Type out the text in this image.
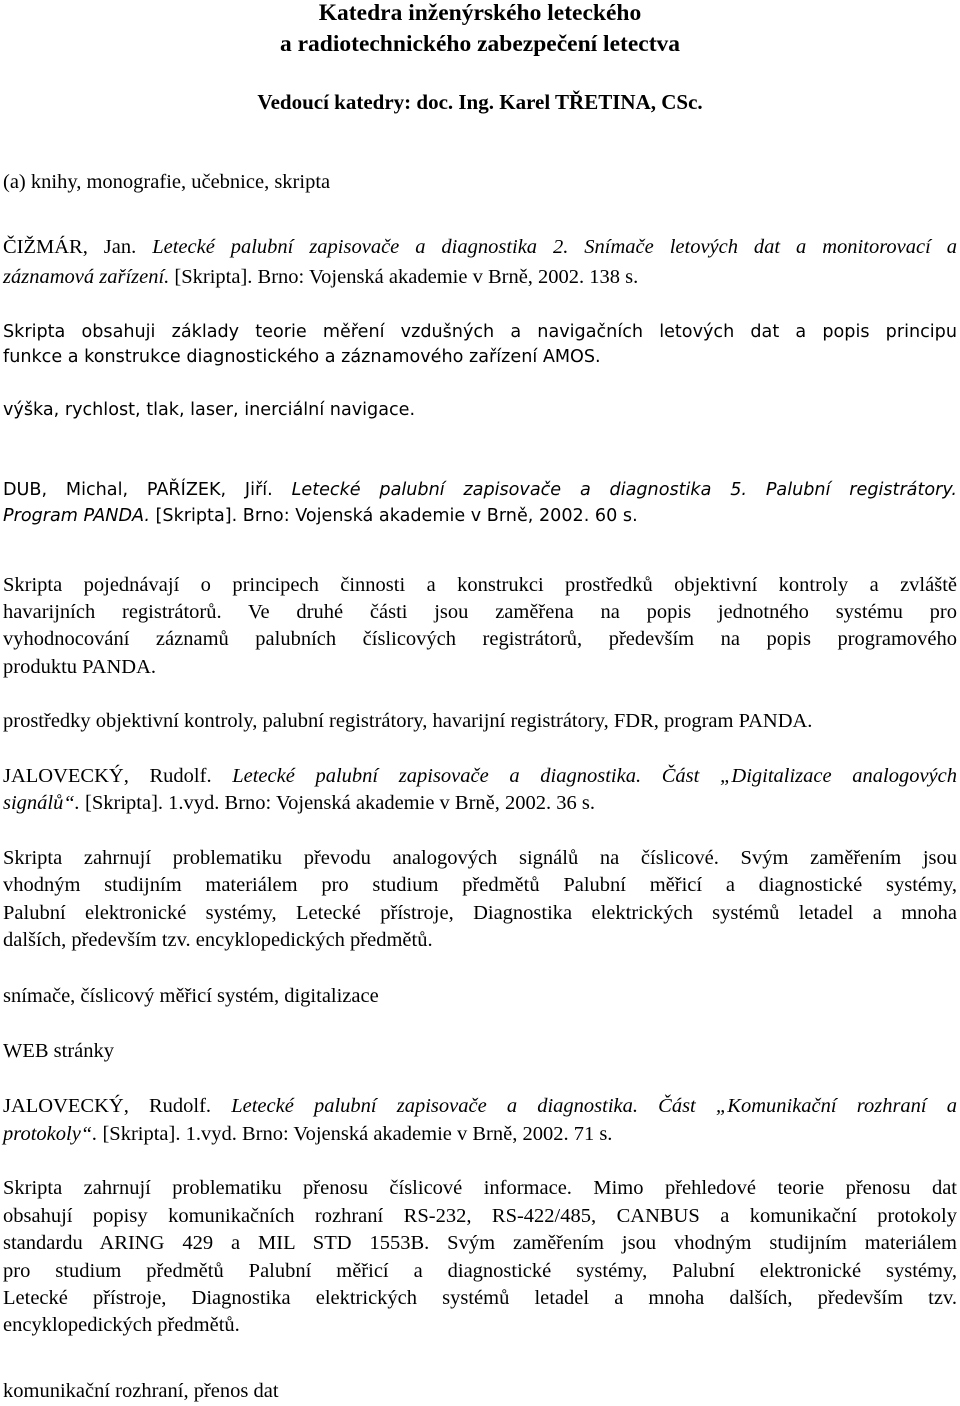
Katedra inženýrského leteckého
a radiotechnického zabezpečení letectva
Vedoucí katedry: doc. Ing. Karel TŘETINA, CSc.
(a) knihy, monografie, učebnice, skripta
ČIŽMÁR, Jan. Letecké palubní zapisovače a diagnostika 2. Snímače letových dat a monitorovací a
záznamová zařízení. [Skripta]. Brno: Vojenská akademie v Brně, 2002. 138 s.
Skripta obsahuji základy teorie měření vzdušných a navigačních letových dat a popis principu
funkce a konstrukce diagnostického a záznamového zařízení AMOS.
výška, rychlost, tlak, laser, inerciální navigace.
DUB, Michal, PAŘÍZEK, Jiří. Letecké palubní zapisovače a diagnostika 5. Palubní registrátory.
Program PANDA. [Skripta]. Brno: Vojenská akademie v Brně, 2002. 60 s.
Skripta pojednávají o principech činnosti a konstrukci prostředků objektivní kontroly a zvláště
havarijních registrátorů. Ve druhé části jsou zaměřena na popis jednotného systému pro
vyhodnocování záznamů palubních číslicových registrátorů, především na popis programového
produktu PANDA.
prostředky objektivní kontroly, palubní registrátory, havarijní registrátory, FDR, program PANDA.
JALOVECKÝ, Rudolf. Letecké palubní zapisovače a diagnostika. Část „Digitalizace analogových
signálů“. [Skripta]. 1.vyd. Brno: Vojenská akademie v Brně, 2002. 36 s.
Skripta zahrnují problematiku převodu analogových signálů na číslicové. Svým zaměřením jsou
vhodným studijním materiálem pro studium předmětů Palubní měřicí a diagnostické systémy,
Palubní elektronické systémy, Letecké přístroje, Diagnostika elektrických systémů letadel a mnoha
dalších, především tzv. encyklopedických předmětů.
snímače, číslicový měřicí systém, digitalizace
WEB stránky
JALOVECKÝ, Rudolf. Letecké palubní zapisovače a diagnostika. Část „Komunikační rozhraní a
protokoly“. [Skripta]. 1.vyd. Brno: Vojenská akademie v Brně, 2002. 71 s.
Skripta zahrnují problematiku přenosu číslicové informace. Mimo přehledové teorie přenosu dat
obsahují popisy komunikačních rozhraní RS-232, RS-422/485, CANBUS a komunikační protokoly
standardu ARING 429 a MIL STD 1553B. Svým zaměřením jsou vhodným studijním materiálem
pro studium předmětů Palubní měřicí a diagnostické systémy, Palubní elektronické systémy,
Letecké přístroje, Diagnostika elektrických systémů letadel a mnoha dalších, především tzv.
encyklopedických předmětů.
komunikační rozhraní, přenos dat
